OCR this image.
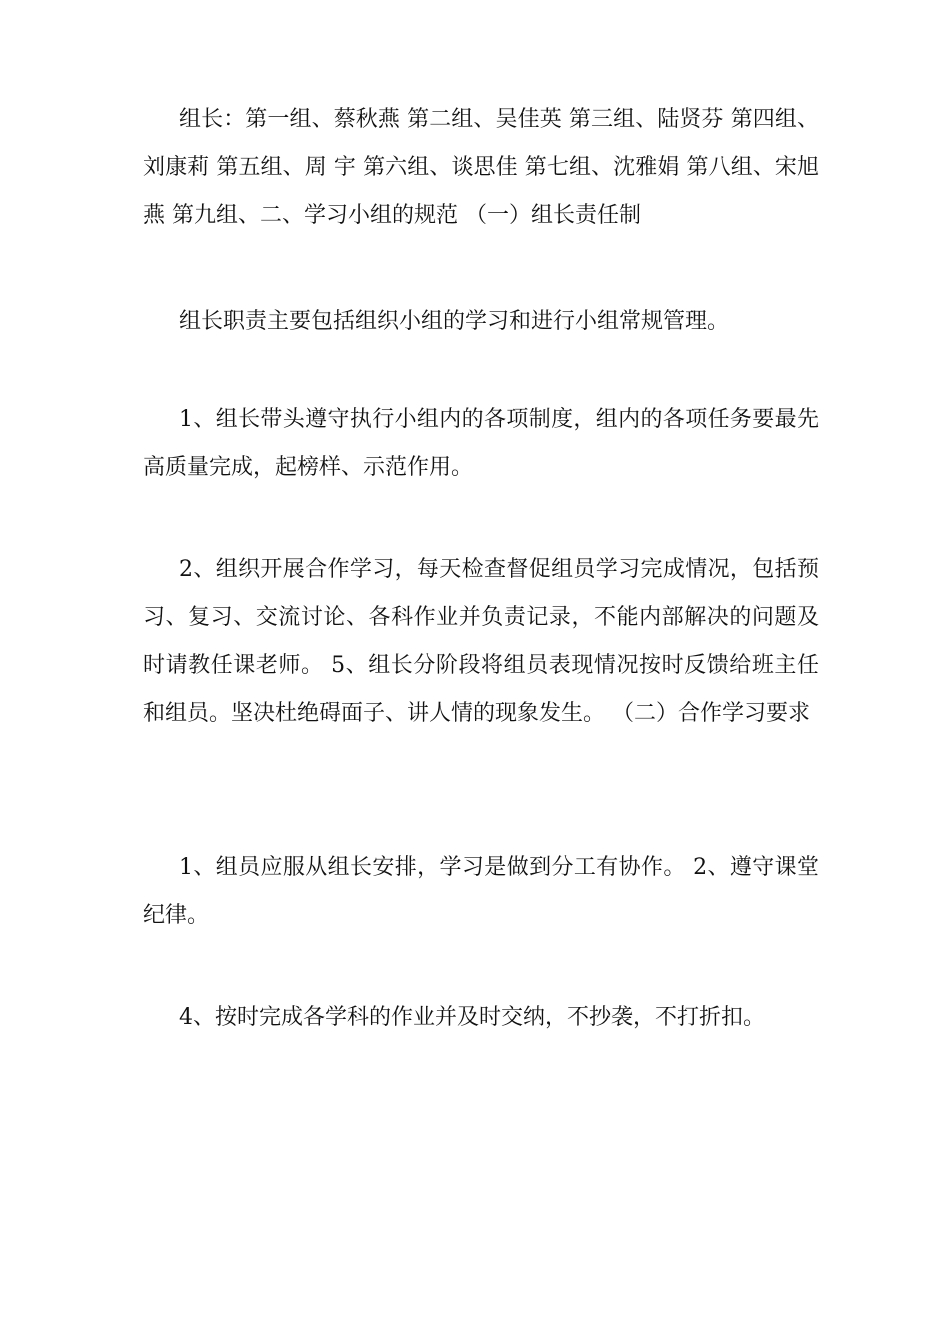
组长：第一组、蔡秋燕 第二组、吴佳英 第三组、陆贤芬 第四组、刘康莉 第五组、周 宇 第六组、谈思佳 第七组、沈雅娟 第八组、宋旭燕 第九组、二、学习小组的规范 （一）组长责任制

组长职责主要包括组织小组的学习和进行小组常规管理。

1、组长带头遵守执行小组内的各项制度，组内的各项任务要最先高质量完成，起榜样、示范作用。

2、组织开展合作学习，每天检查督促组员学习完成情况，包括预习、复习、交流讨论、各科作业并负责记录，不能内部解决的问题及时请教任课老师。 5、组长分阶段将组员表现情况按时反馈给班主任和组员。坚决杜绝碍面子、讲人情的现象发生。 （二）合作学习要求

1、组员应服从组长安排，学习是做到分工有协作。 2、遵守课堂纪律。

4、按时完成各学科的作业并及时交纳，不抄袭，不打折扣。
